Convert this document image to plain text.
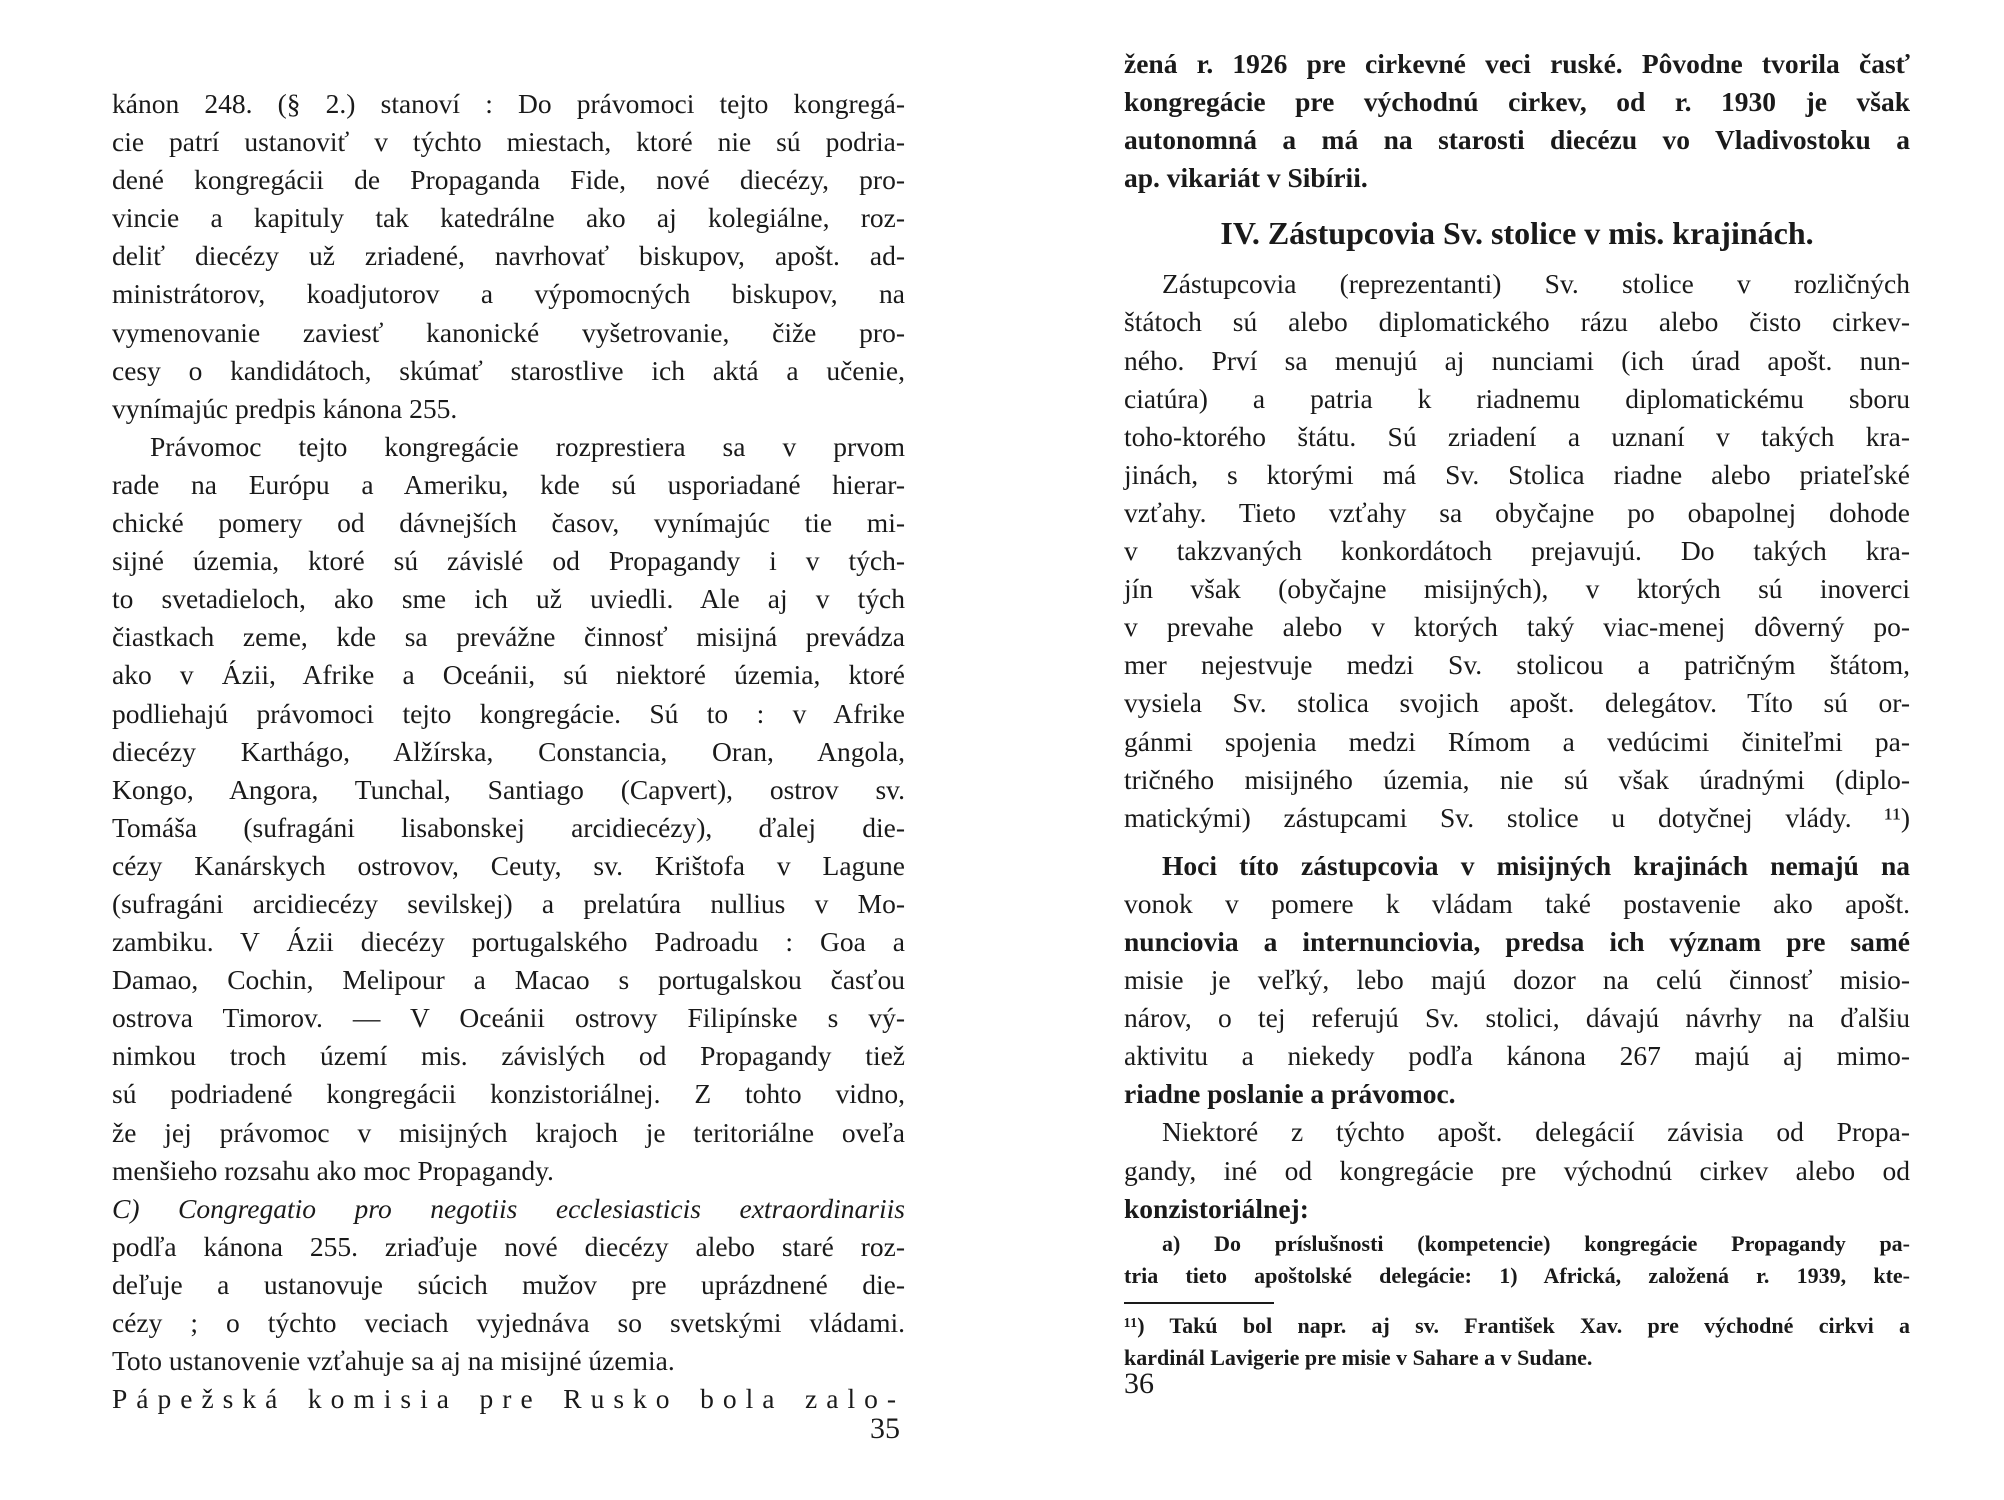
kánon 248. (§ 2.) stanoví : Do právomoci tejto kongregá-
cie patrí ustanoviť v týchto miestach, ktoré nie sú podria-
dené kongregácii de Propaganda Fide, nové diecézy, pro-
vincie a kapituly tak katedrálne ako aj kolegiálne, roz-
deliť diecézy už zriadené, navrhovať biskupov, apošt. ad-
ministrátorov, koadjutorov a výpomocných biskupov, na
vymenovanie zaviesť kanonické vyšetrovanie, čiže pro-
cesy o kandidátoch, skúmať starostlive ich aktá a učenie,
vynímajúc predpis kánona 255.
Právomoc tejto kongregácie rozprestiera sa v prvom
rade na Európu a Ameriku, kde sú usporiadané hierar-
chické pomery od dávnejších časov, vynímajúc tie mi-
sijné územia, ktoré sú závislé od Propagandy i v tých-
to svetadieloch, ako sme ich už uviedli. Ale aj v tých
čiastkach zeme, kde sa prevážne činnosť misijná prevádza
ako v Ázii, Afrike a Oceánii, sú niektoré územia, ktoré
podliehajú právomoci tejto kongregácie. Sú to : v Afrike
diecézy Karthágo, Alžírska, Constancia, Oran, Angola,
Kongo, Angora, Tunchal, Santiago (Capvert), ostrov sv.
Tomáša (sufragáni lisabonskej arcidiecézy), ďalej die-
cézy Kanárskych ostrovov, Ceuty, sv. Krištofa v Lagune
(sufragáni arcidiecézy sevilskej) a prelatúra nullius v Mo-
zambiku. V Ázii diecézy portugalského Padroadu : Goa a
Damao, Cochin, Melipour a Macao s portugalskou časťou
ostrova Timorov. — V Oceánii ostrovy Filipínske s vý-
nimkou troch území mis. závislých od Propagandy tiež
sú podriadené kongregácii konzistoriálnej. Z tohto vidno,
že jej právomoc v misijných krajoch je teritoriálne oveľa
menšieho rozsahu ako moc Propagandy.
C) Congregatio pro negotiis ecclesiasticis extraordinariis
podľa kánona 255. zriaďuje nové diecézy alebo staré roz-
deľuje a ustanovuje súcich mužov pre uprázdnené die-
cézy ; o týchto veciach vyjednáva so svetskými vládami.
Toto ustanovenie vzťahuje sa aj na misijné územia.
Pápežská komisia pre Rusko bola zalo-
35
žená r. 1926 pre cirkevné veci ruské. Pôvodne tvorila časť
kongregácie pre východnú cirkev, od r. 1930 je však
autonomná a má na starosti diecézu vo Vladivostoku a
ap. vikariát v Sibírii.
IV. Zástupcovia Sv. stolice v mis. krajinách.
Zástupcovia (reprezentanti) Sv. stolice v rozličných
štátoch sú alebo diplomatického rázu alebo čisto cirkev-
ného. Prví sa menujú aj nunciami (ich úrad apošt. nun-
ciatúra) a patria k riadnemu diplomatickému sboru
toho-ktorého štátu. Sú zriadení a uznaní v takých kra-
jinách, s ktorými má Sv. Stolica riadne alebo priateľské
vzťahy. Tieto vzťahy sa obyčajne po obapolnej dohode
v takzvaných konkordátoch prejavujú. Do takých kra-
jín však (obyčajne misijných), v ktorých sú inoverci
v prevahe alebo v ktorých taký viac-menej dôverný po-
mer nejestvuje medzi Sv. stolicou a patričným štátom,
vysiela Sv. stolica svojich apošt. delegátov. Títo sú or-
gánmi spojenia medzi Rímom a vedúcimi činiteľmi pa-
tričného misijného územia, nie sú však úradnými (diplo-
matickými) zástupcami Sv. stolice u dotyčnej vlády. ¹¹)
Hoci títo zástupcovia v misijných krajinách nemajú na
vonok v pomere k vládam také postavenie ako apošt.
nunciovia a internunciovia, predsa ich význam pre samé
misie je veľký, lebo majú dozor na celú činnosť misio-
nárov, o tej referujú Sv. stolici, dávajú návrhy na ďalšiu
aktivitu a niekedy podľa kánona 267 majú aj mimo-
riadne poslanie a právomoc.
Niektoré z týchto apošt. delegácií závisia od Propa-
gandy, iné od kongregácie pre východnú cirkev alebo od
konzistoriálnej:
a) Do príslušnosti (kompetencie) kongregácie Propagandy pa-
tria tieto apoštolské delegácie: 1) Africká, založená r. 1939, kte-
¹¹) Takú bol napr. aj sv. František Xav. pre východné cirkvi a
kardinál Lavigerie pre misie v Saharе a v Sudane.
36
